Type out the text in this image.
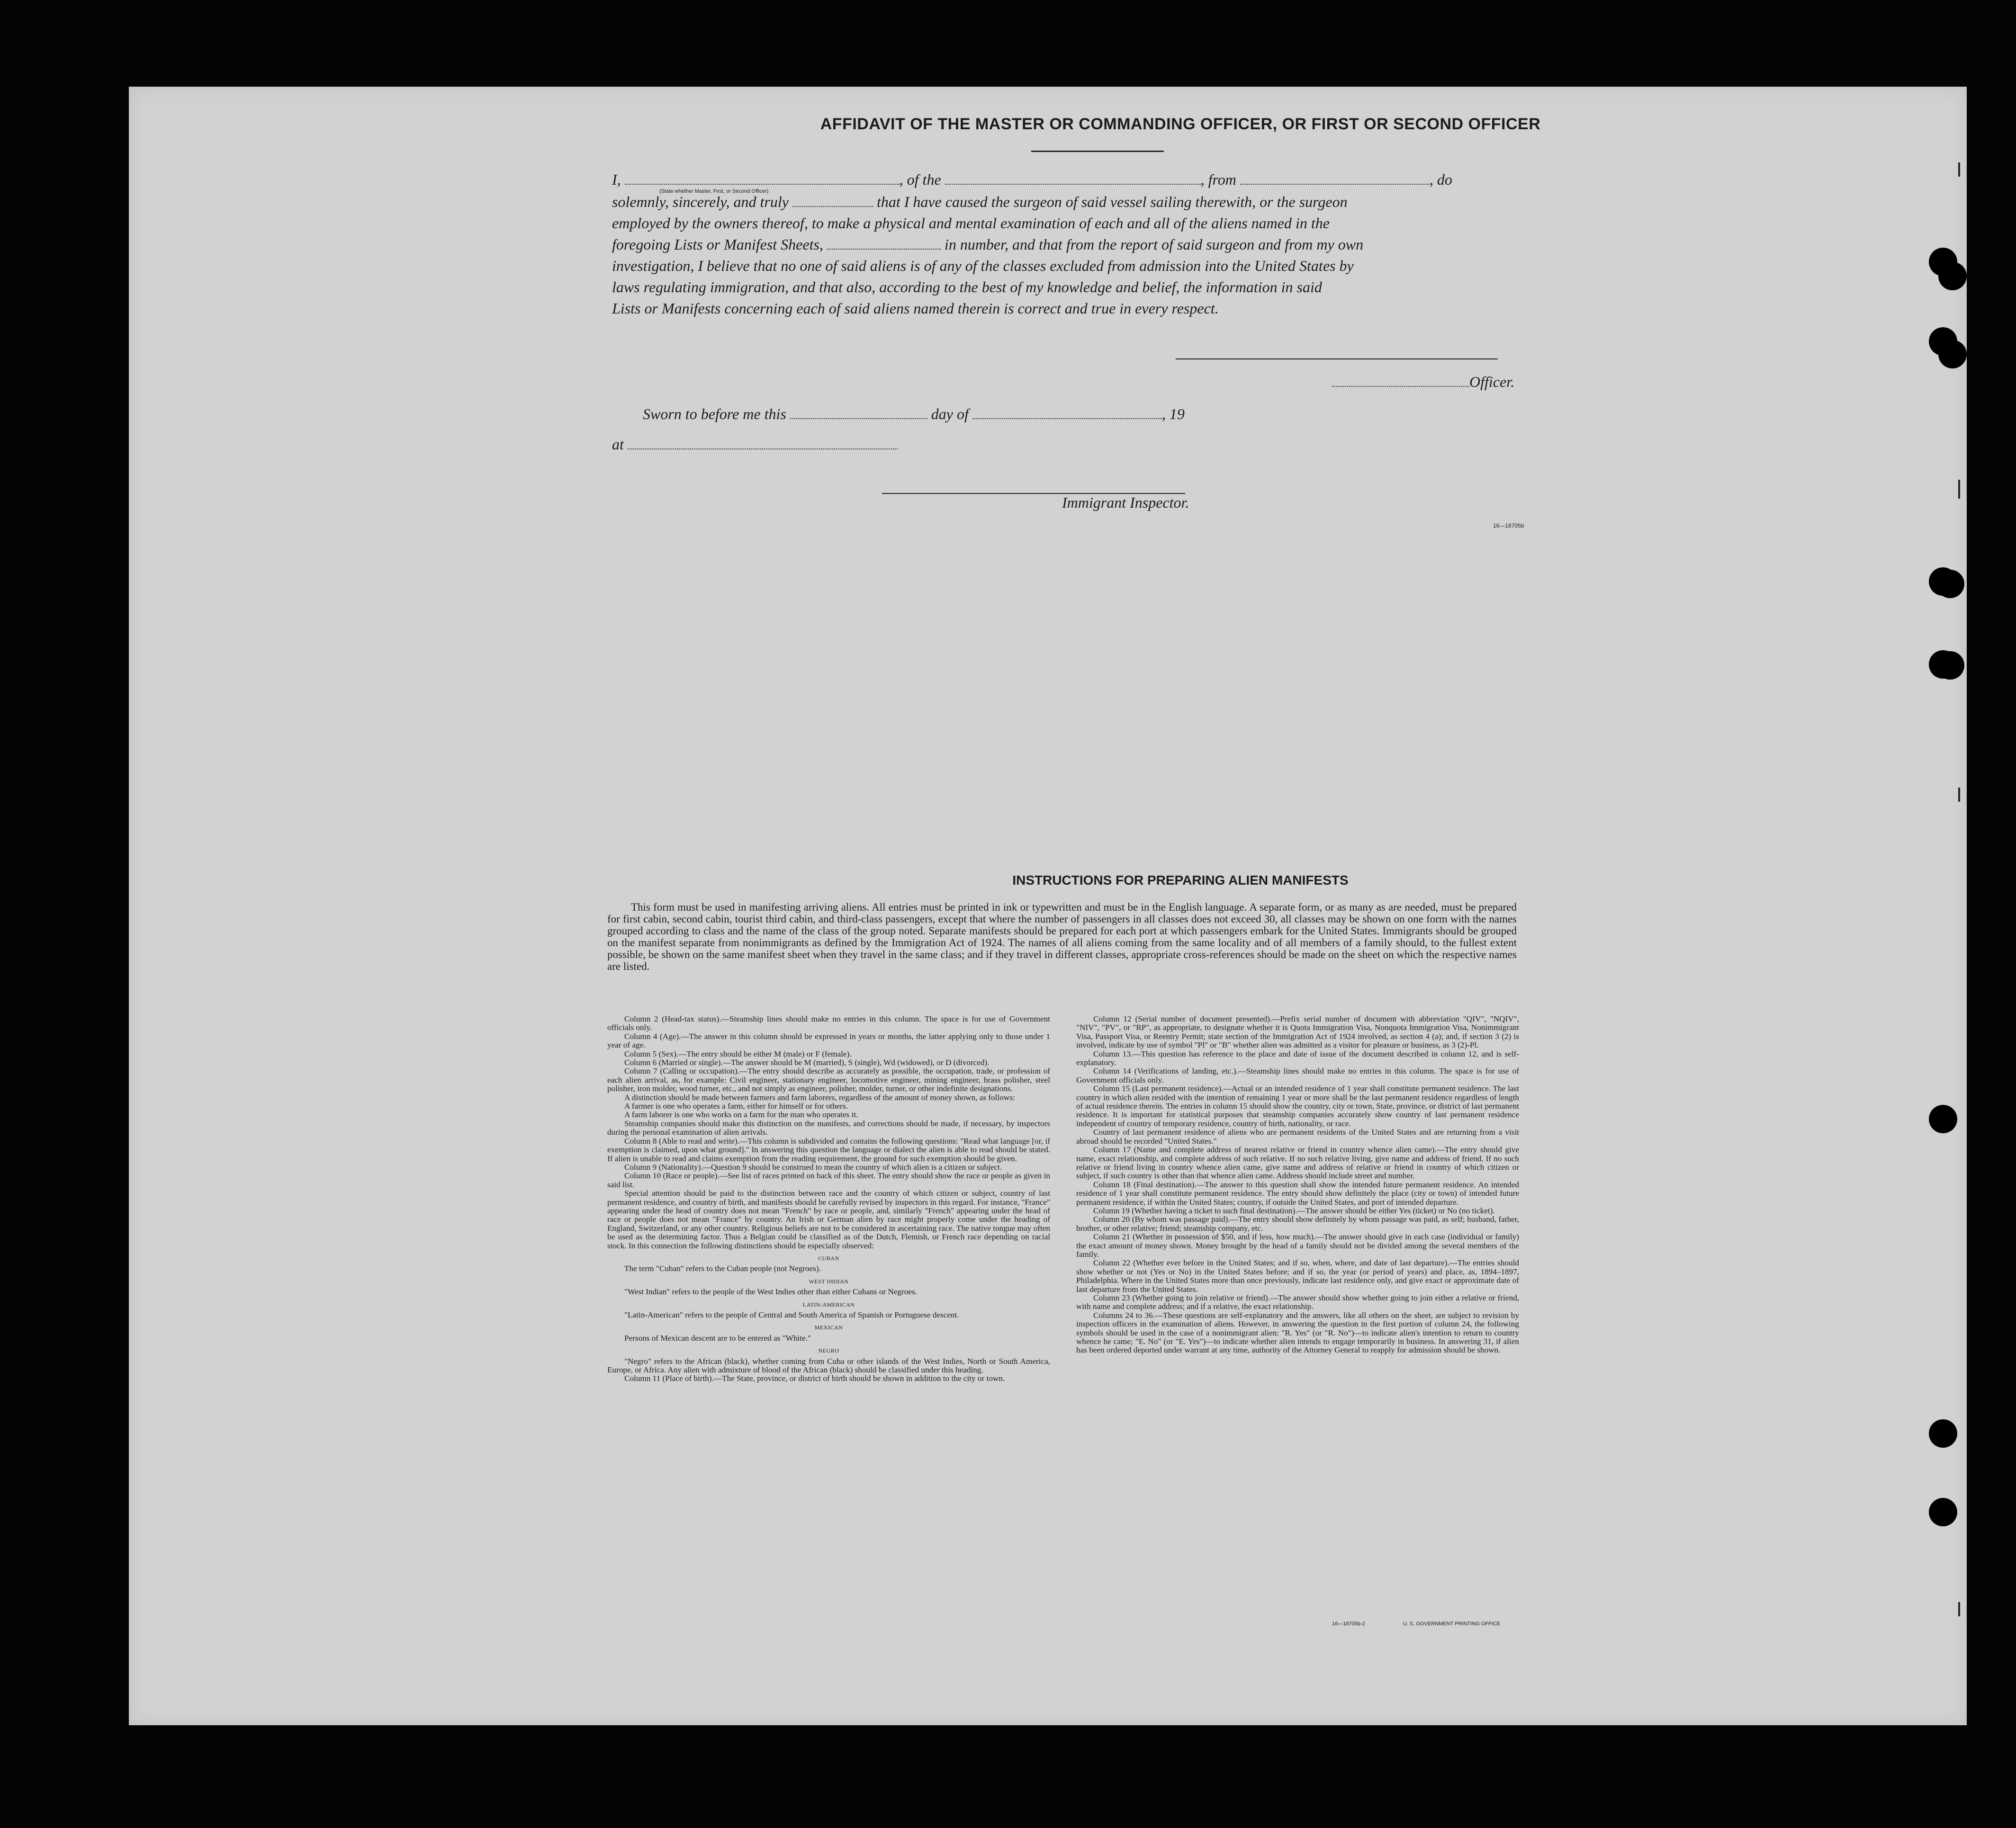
AFFIDAVIT OF THE MASTER OR COMMANDING OFFICER, OR FIRST OR SECOND OFFICER
I,	, of the	, from	, do
(State whether Master, First, or Second Officer)
solemnly, sincerely, and truly	that I have caused the surgeon of said vessel sailing therewith, or the surgeon
employed by the owners thereof, to make a physical and mental examination of each and all of the aliens named in the
foregoing Lists or Manifest Sheets,	in number, and that from the report of said surgeon and from my own
investigation, I believe that no one of said aliens is of any of the classes excluded from admission into the United States by
laws regulating immigration, and that also, according to the best of my knowledge and belief, the information in said
Lists or Manifests concerning each of said aliens named therein is correct and true in every respect.
Officer.
Sworn to before me this	day of	, 19
at
Immigrant Inspector.
16—18705b
INSTRUCTIONS FOR PREPARING ALIEN MANIFESTS
This form must be used in manifesting arriving aliens. All entries must be printed in ink or typewritten and must be in the English language. A separate form, or as many as are needed, must be prepared for first cabin, second cabin, tourist third cabin, and third-class passengers, except that where the number of passengers in all classes does not exceed 30, all classes may be shown on one form with the names grouped according to class and the name of the class of the group noted. Separate manifests should be prepared for each port at which passengers embark for the United States. Immigrants should be grouped on the manifest separate from nonimmigrants as defined by the Immigration Act of 1924. The names of all aliens coming from the same locality and of all members of a family should, to the fullest extent possible, be shown on the same manifest sheet when they travel in the same class; and if they travel in different classes, appropriate cross-references should be made on the sheet on which the respective names are listed.

Column 2 (Head-tax status).—Steamship lines should make no entries in this column. The space is for use of Government officials only.

Column 4 (Age).—The answer in this column should be expressed in years or months, the latter applying only to those under 1 year of age.

Column 5 (Sex).—The entry should be either M (male) or F (female).

Column 6 (Married or single).—The answer should be M (married), S (single), Wd (widowed), or D (divorced).

Column 7 (Calling or occupation).—The entry should describe as accurately as possible, the occupation, trade, or profession of each alien arrival, as, for example: Civil engineer, stationary engineer, locomotive engineer, mining engineer, brass polisher, steel polisher, iron molder, wood turner, etc., and not simply as engineer, polisher, molder, turner, or other indefinite designations.

A distinction should be made between farmers and farm laborers, regardless of the amount of money shown, as follows:

A farmer is one who operates a farm, either for himself or for others.

A farm laborer is one who works on a farm for the man who operates it.

Steamship companies should make this distinction on the manifests, and corrections should be made, if necessary, by inspectors during the personal examination of alien arrivals.

Column 8 (Able to read and write).—This column is subdivided and contains the following questions: "Read what language [or, if exemption is claimed, upon what ground]." In answering this question the language or dialect the alien is able to read should be stated. If alien is unable to read and claims exemption from the reading requirement, the ground for such exemption should be given.

Column 9 (Nationality).—Question 9 should be construed to mean the country of which alien is a citizen or subject.

Column 10 (Race or people).—See list of races printed on back of this sheet. The entry should show the race or people as given in said list.

Special attention should be paid to the distinction between race and the country of which citizen or subject, country of last permanent residence, and country of birth, and manifests should be carefully revised by inspectors in this regard. For instance, "France" appearing under the head of country does not mean "French" by race or people, and, similarly "French" appearing under the head of race or people does not mean "France" by country. An Irish or German alien by race might properly come under the heading of England, Switzerland, or any other country. Religious beliefs are not to be considered in ascertaining race. The native tongue may often be used as the determining factor. Thus a Belgian could be classified as of the Dutch, Flemish, or French race depending on racial stock. In this connection the following distinctions should be especially observed:

CUBAN

The term "Cuban" refers to the Cuban people (not Negroes).

WEST INDIAN

"West Indian" refers to the people of the West Indies other than either Cubans or Negroes.

LATIN-AMERICAN

"Latin-American" refers to the people of Central and South America of Spanish or Portuguese descent.

MEXICAN

Persons of Mexican descent are to be entered as "White."

NEGRO

"Negro" refers to the African (black), whether coming from Cuba or other islands of the West Indies, North or South America, Europe, or Africa. Any alien with admixture of blood of the African (black) should be classified under this heading.

Column 11 (Place of birth).—The State, province, or district of birth should be shown in addition to the city or town.

Column 12 (Serial number of document presented).—Prefix serial number of document with abbreviation "QIV", "NQIV", "NIV", "PV", or "RP", as appropriate, to designate whether it is Quota Immigration Visa, Nonquota Immigration Visa, Nonimmigrant Visa, Passport Visa, or Reentry Permit; state section of the Immigration Act of 1924 involved, as section 4 (a); and, if section 3 (2) is involved, indicate by use of symbol "Pl" or "B" whether alien was admitted as a visitor for pleasure or business, as 3 (2)-Pl.

Column 13.—This question has reference to the place and date of issue of the document described in column 12, and is self-explanatory.

Column 14 (Verifications of landing, etc.).—Steamship lines should make no entries in this column. The space is for use of Government officials only.

Column 15 (Last permanent residence).—Actual or an intended residence of 1 year shall constitute permanent residence. The last country in which alien resided with the intention of remaining 1 year or more shall be the last permanent residence regardless of length of actual residence therein. The entries in column 15 should show the country, city or town, State, province, or district of last permanent residence. It is important for statistical purposes that steamship companies accurately show country of last permanent residence independent of country of temporary residence, country of birth, nationality, or race.

Country of last permanent residence of aliens who are permanent residents of the United States and are returning from a visit abroad should be recorded "United States."

Column 17 (Name and complete address of nearest relative or friend in country whence alien came).—The entry should give name, exact relationship, and complete address of such relative. If no such relative living, give name and address of friend. If no such relative or friend living in country whence alien came, give name and address of relative or friend in country of which citizen or subject, if such country is other than that whence alien came. Address should include street and number.

Column 18 (Final destination).—The answer to this question shall show the intended future permanent residence. An intended residence of 1 year shall constitute permanent residence. The entry should show definitely the place (city or town) of intended future permanent residence, if within the United States; country, if outside the United States, and port of intended departure.

Column 19 (Whether having a ticket to such final destination).—The answer should be either Yes (ticket) or No (no ticket).

Column 20 (By whom was passage paid).—The entry should show definitely by whom passage was paid, as self; husband, father, brother, or other relative; friend; steamship company, etc.

Column 21 (Whether in possession of $50, and if less, how much).—The answer should give in each case (individual or family) the exact amount of money shown. Money brought by the head of a family should not be divided among the several members of the family.

Column 22 (Whether ever before in the United States; and if so, when, where, and date of last departure).—The entries should show whether or not (Yes or No) in the United States before; and if so, the year (or period of years) and place, as, 1894–1897, Philadelphia. Where in the United States more than once previously, indicate last residence only, and give exact or approximate date of last departure from the United States.

Column 23 (Whether going to join relative or friend).—The answer should show whether going to join either a relative or friend, with name and complete address; and if a relative, the exact relationship.

Columns 24 to 36.—These questions are self-explanatory and the answers, like all others on the sheet, are subject to revision by inspection officers in the examination of aliens. However, in answering the question in the first portion of column 24, the following symbols should be used in the case of a nonimmigrant alien: "R. Yes" (or "R. No")—to indicate alien's intention to return to country whence he came; "E. No" (or "E. Yes")—to indicate whether alien intends to engage temporarily in business. In answering 31, if alien has been ordered deported under warrant at any time, authority of the Attorney General to reapply for admission should be shown.

16—18705b-2	U. S. GOVERNMENT PRINTING OFFICE
